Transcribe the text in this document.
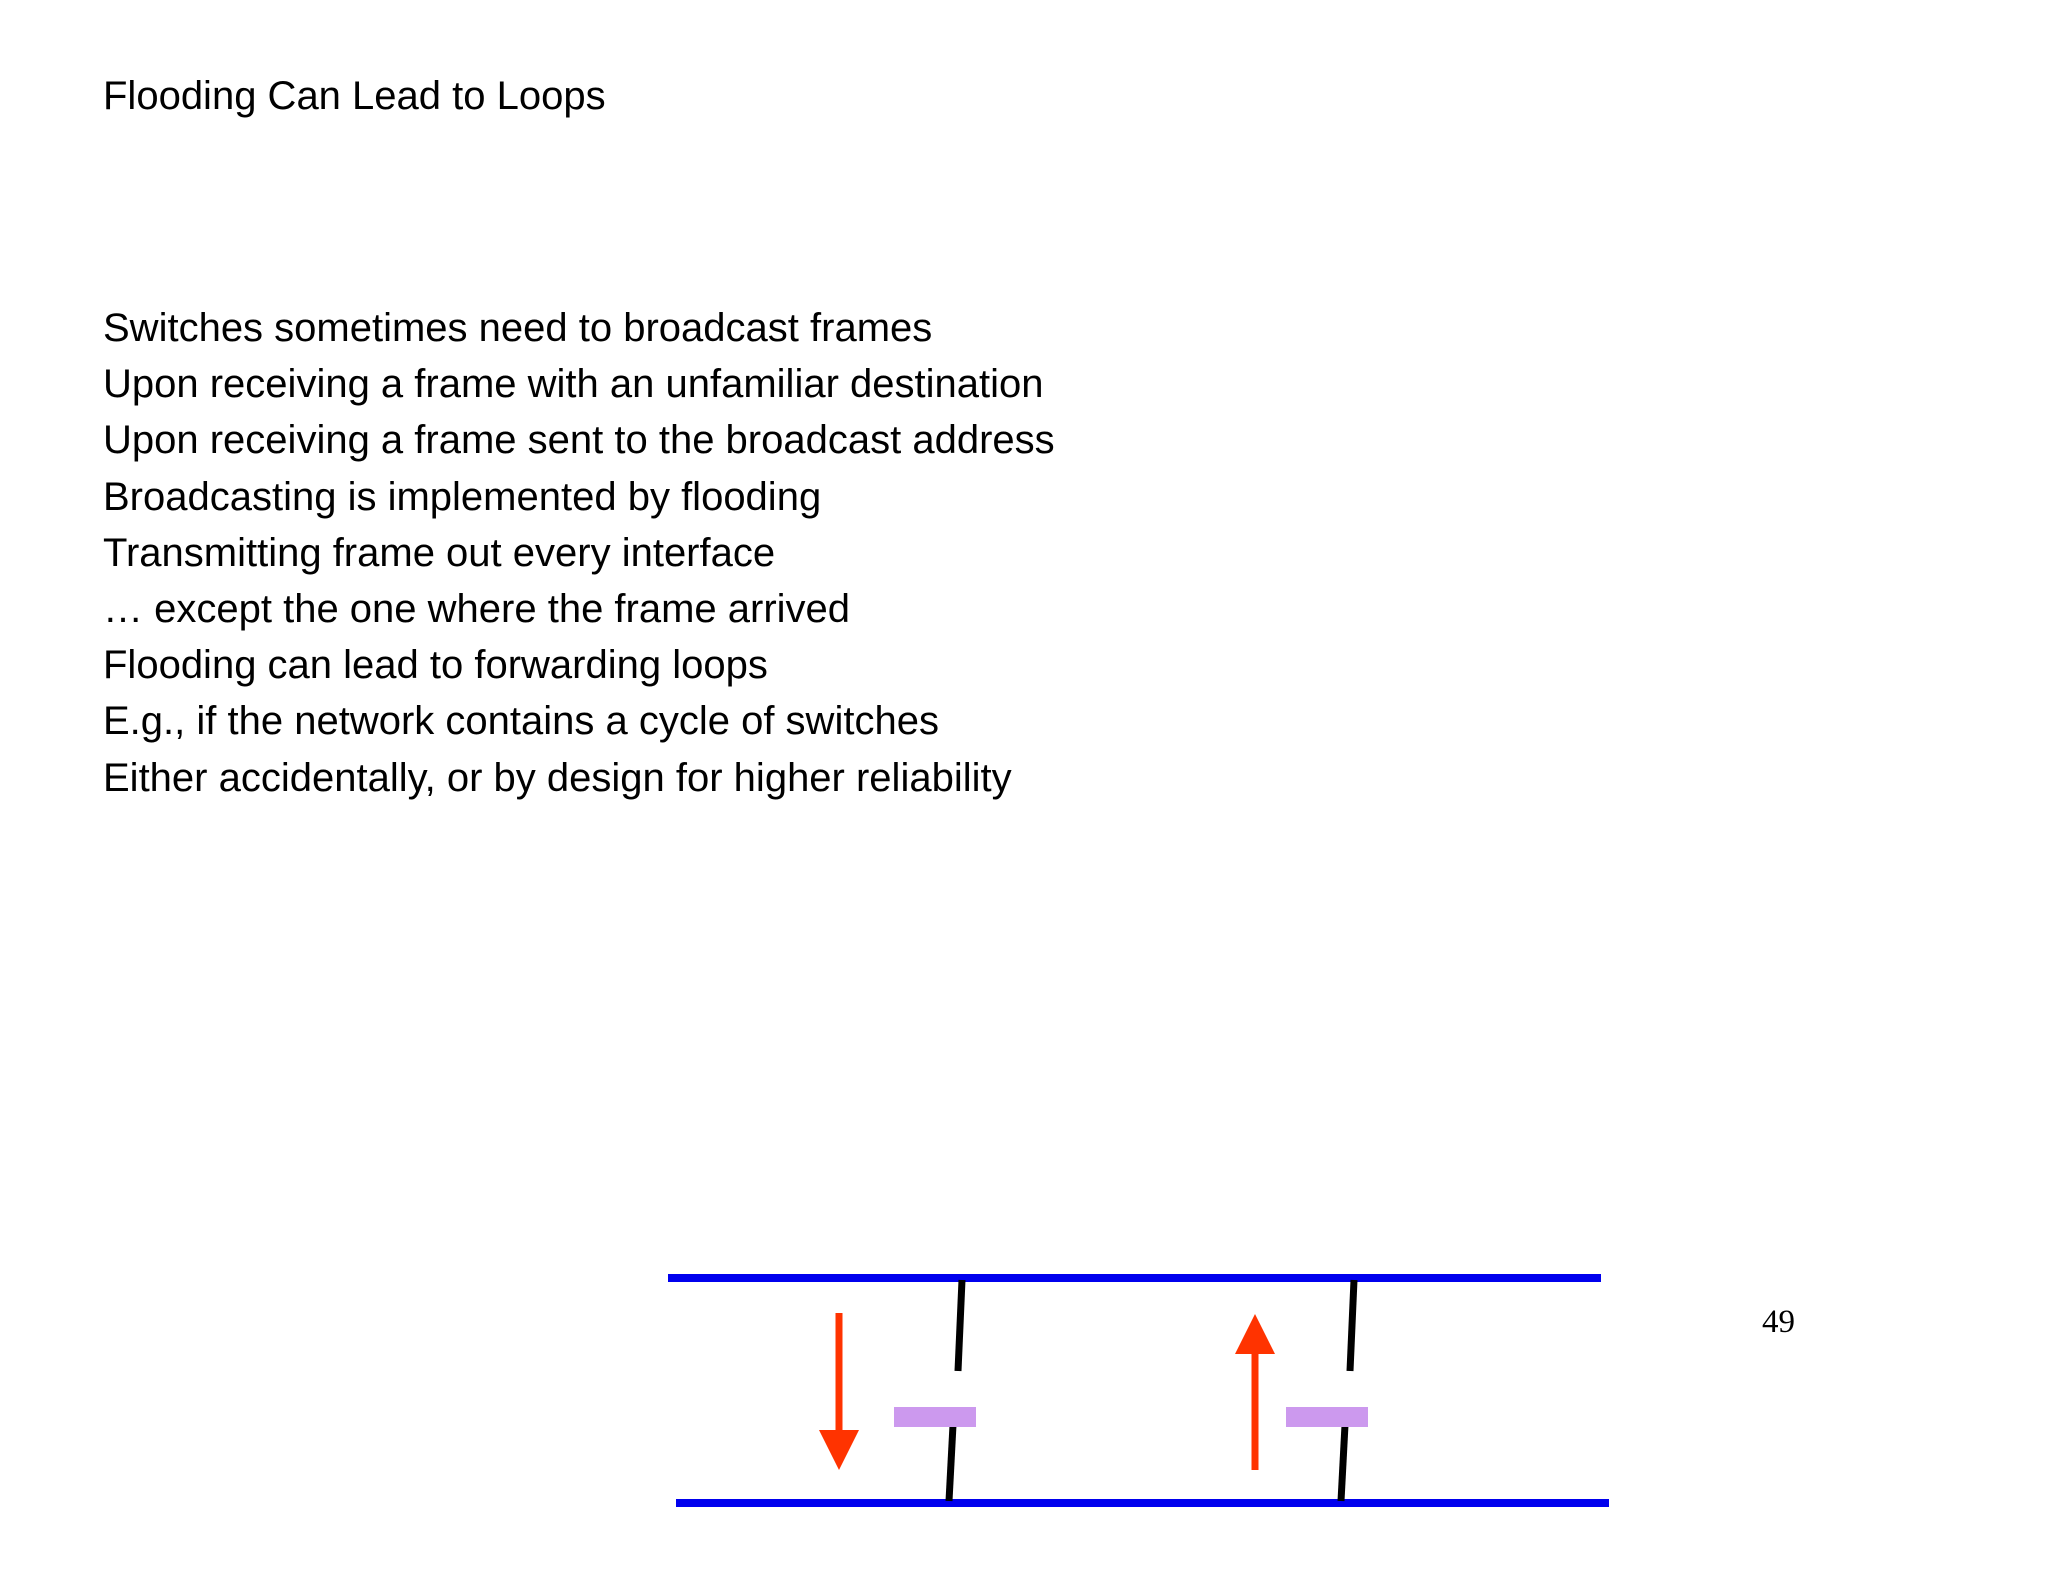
Flooding Can Lead to Loops
Switches sometimes need to broadcast frames
Upon receiving a frame with an unfamiliar destination
Upon receiving a frame sent to the broadcast address
Broadcasting is implemented by flooding
Transmitting frame out every interface
… except the one where the frame arrived
Flooding can lead to forwarding loops
E.g., if the network contains a cycle of switches
Either accidentally, or by design for higher reliability
49
